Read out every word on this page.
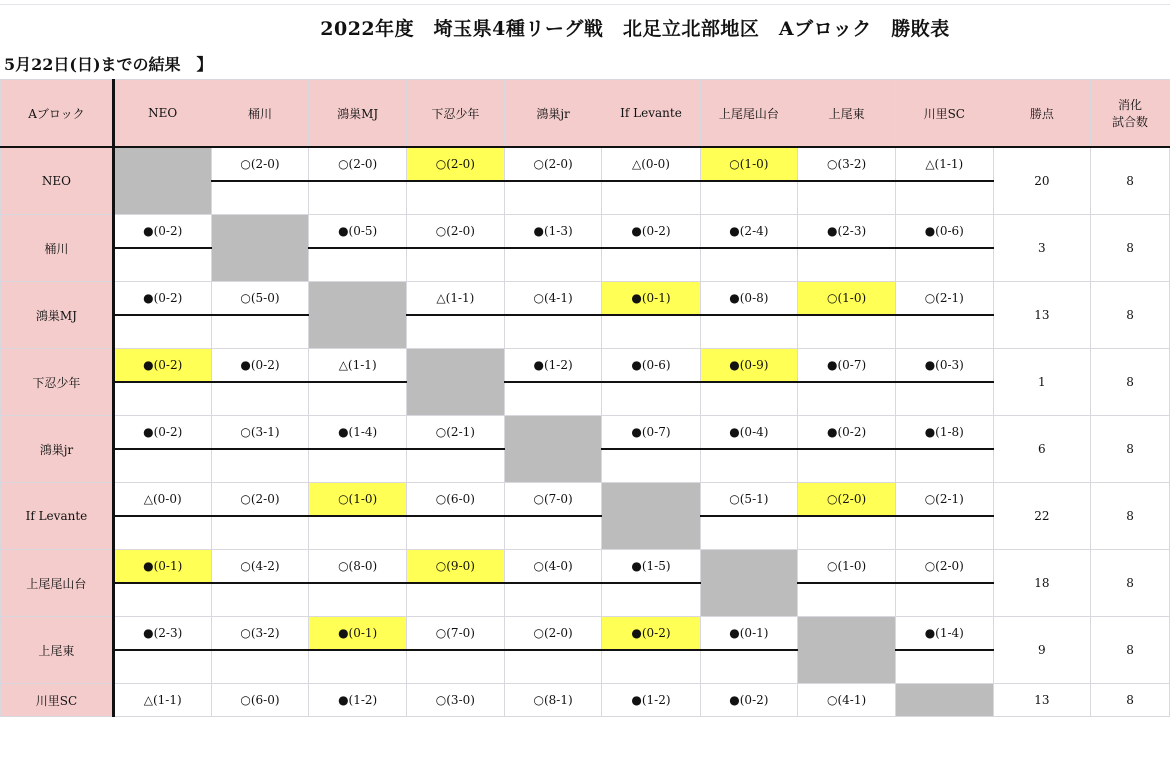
2022年度　埼玉県4種リーグ戦　北足立北部地区　Aブロック　勝敗表
5月22日(日)までの結果　】
Aブロック	NEO	桶川	鴻巣MJ	下忍少年	鴻巣jr	If Levante	上尾尾山台	上尾東	川里SC	勝点	消化
試合数
NEO		○(2-0)	○(2-0)	○(2-0)	○(2-0)	△(0-0)	○(1-0)	○(3-2)	△(1-1)	20	8

桶川	●(0-2)		●(0-5)	○(2-0)	●(1-3)	●(0-2)	●(2-4)	●(2-3)	●(0-6)	3	8

鴻巣MJ	●(0-2)	○(5-0)		△(1-1)	○(4-1)	●(0-1)	●(0-8)	○(1-0)	○(2-1)	13	8

下忍少年	●(0-2)	●(0-2)	△(1-1)		●(1-2)	●(0-6)	●(0-9)	●(0-7)	●(0-3)	1	8

鴻巣jr	●(0-2)	○(3-1)	●(1-4)	○(2-1)		●(0-7)	●(0-4)	●(0-2)	●(1-8)	6	8

If Levante	△(0-0)	○(2-0)	○(1-0)	○(6-0)	○(7-0)		○(5-1)	○(2-0)	○(2-1)	22	8

上尾尾山台	●(0-1)	○(4-2)	○(8-0)	○(9-0)	○(4-0)	●(1-5)		○(1-0)	○(2-0)	18	8

上尾東	●(2-3)	○(3-2)	●(0-1)	○(7-0)	○(2-0)	●(0-2)	●(0-1)		●(1-4)	9	8

川里SC	△(1-1)	○(6-0)	●(1-2)	○(3-0)	○(8-1)	●(1-2)	●(0-2)	○(4-1)		13	8
